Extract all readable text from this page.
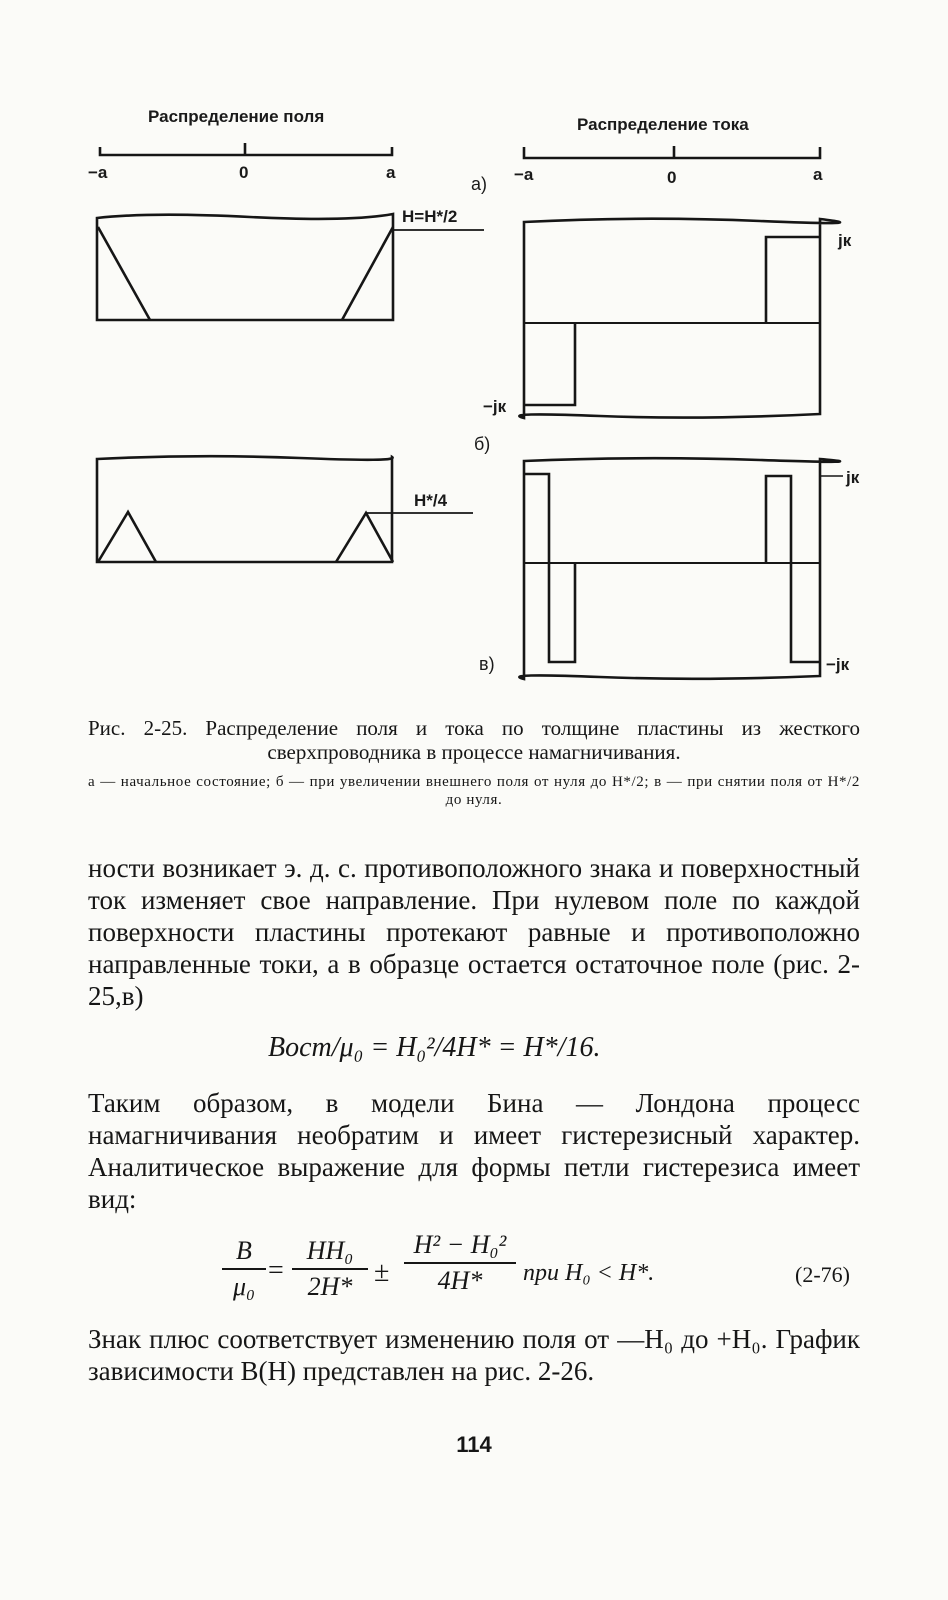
Распределение поля	Распределение тока
−a	0	a	−a	0	a
а)
б)
в)
H=H*/2
H*/4
jк
−jк
jк
−jк
Рис. 2-25. Распределение поля и тока по толщине пластины из жесткого сверхпроводника в процессе намагничивания.
а — начальное состояние; б — при увеличении внешнего поля от нуля до H*/2; в — при снятии поля от H*/2 до нуля.
ности возникает э. д. с. противоположного знака и поверхностный ток изменяет свое направление. При нулевом поле по каждой поверхности пластины протекают равные и противоположно направленные токи, а в образце остается остаточное поле (рис. 2-25,в)
Bост/μ₀ = H₀²/4H* = H*/16.
Таким образом, в модели Бина — Лондона процесс намагничивания необратим и имеет гистерезисный характер. Аналитическое выражение для формы петли гистерезиса имеет вид:
B
μ₀ =
HH₀
2H* ±
H² − H₀²
4H*	при H₀ < H*.	(2-76)
Знак плюс соответствует изменению поля от —H₀ до +H₀. График зависимости B(H) представлен на рис. 2-26.
114
